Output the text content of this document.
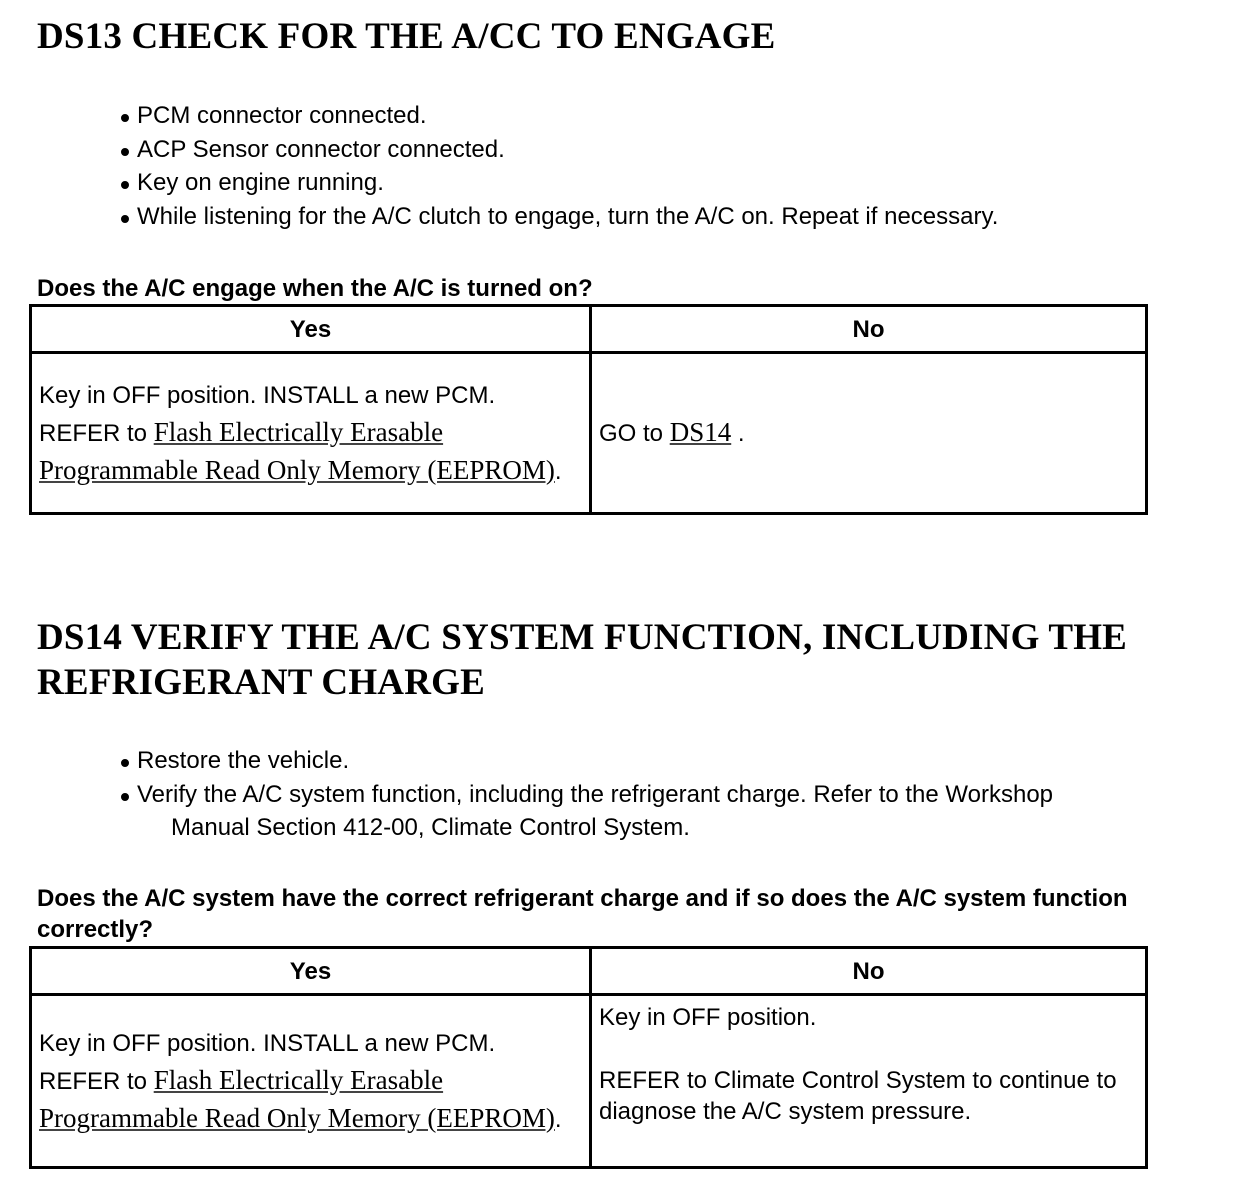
DS13 CHECK FOR THE A/CC TO ENGAGE
PCM connector connected.
ACP Sensor connector connected.
Key on engine running.
While listening for the A/C clutch to engage, turn the A/C on. Repeat if necessary.

Does the A/C engage when the A/C is turned on?

Yes	No
Key in OFF position. INSTALL a new PCM.
REFER to Flash Electrically Erasable Programmable Read Only Memory (EEPROM).	GO to DS14 .
DS14 VERIFY THE A/C SYSTEM FUNCTION, INCLUDING THE REFRIGERANT CHARGE
Restore the vehicle.
Verify the A/C system function, including the refrigerant charge. Refer to the Workshop
Manual Section 412-00, Climate Control System.

Does the A/C system have the correct refrigerant charge and if so does the A/C system function correctly?

Yes	No
Key in OFF position. INSTALL a new PCM.
REFER to Flash Electrically Erasable Programmable Read Only Memory (EEPROM).	Key in OFF position.
REFER to Climate Control System to continue to diagnose the A/C system pressure.
